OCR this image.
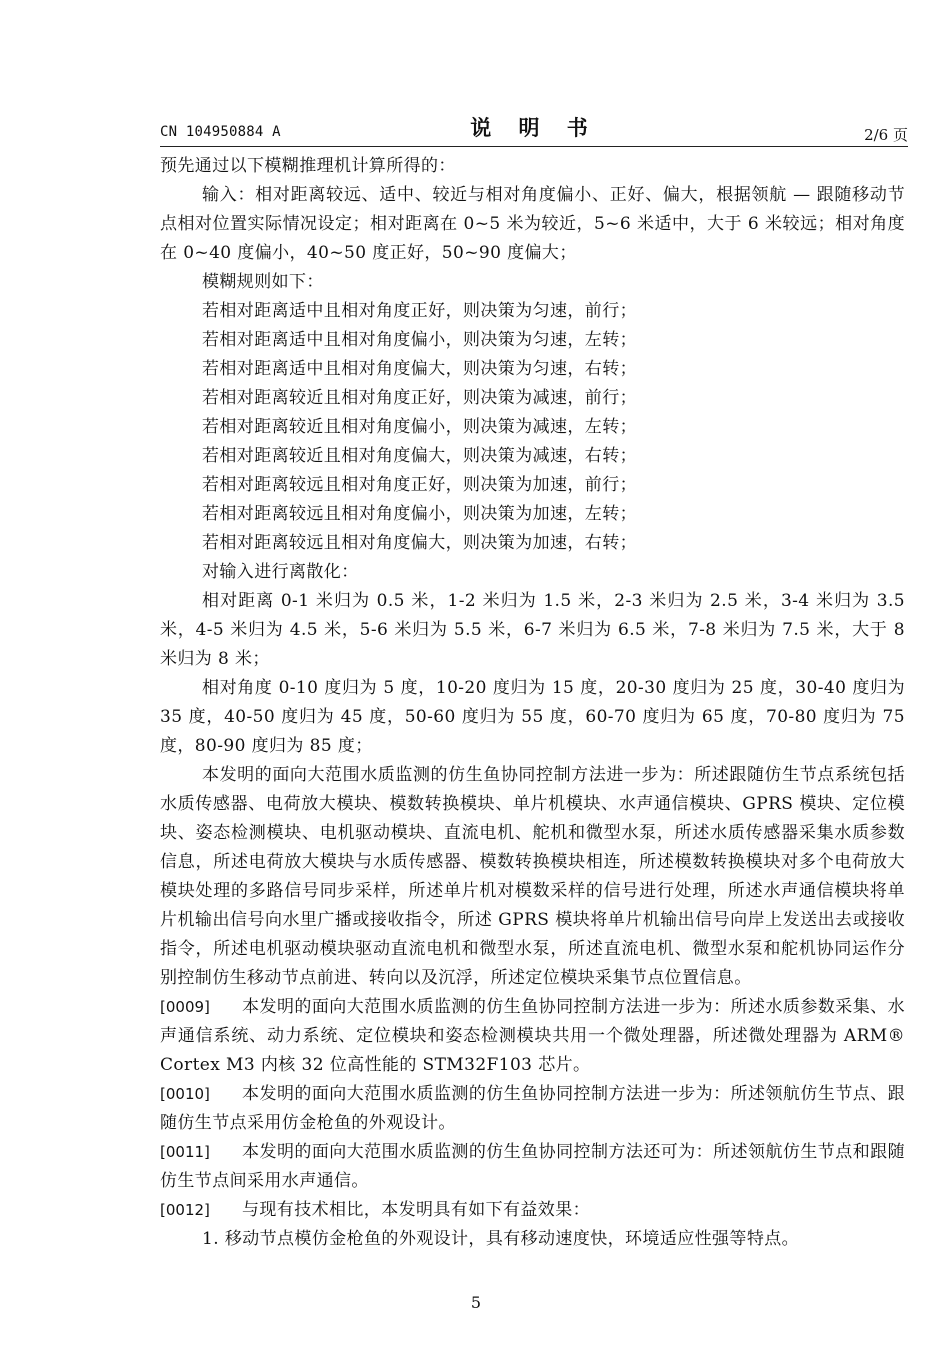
CN 104950884 A	说 明 书	2/6 页

预先通过以下模糊推理机计算所得的：

输入：相对距离较远、适中、较近与相对角度偏小、正好、偏大，根据领航 — 跟随移动节点相对位置实际情况设定；相对距离在 0~5 米为较近，5~6 米适中，大于 6 米较远；相对角度在 0~40 度偏小，40~50 度正好，50~90 度偏大；

模糊规则如下：

若相对距离适中且相对角度正好，则决策为匀速，前行；

若相对距离适中且相对角度偏小，则决策为匀速，左转；

若相对距离适中且相对角度偏大，则决策为匀速，右转；

若相对距离较近且相对角度正好，则决策为减速，前行；

若相对距离较近且相对角度偏小，则决策为减速，左转；

若相对距离较近且相对角度偏大，则决策为减速，右转；

若相对距离较远且相对角度正好，则决策为加速，前行；

若相对距离较远且相对角度偏小，则决策为加速，左转；

若相对距离较远且相对角度偏大，则决策为加速，右转；

对输入进行离散化：

相对距离 0-1 米归为 0.5 米，1-2 米归为 1.5 米，2-3 米归为 2.5 米，3-4 米归为 3.5 米，4-5 米归为 4.5 米，5-6 米归为 5.5 米，6-7 米归为 6.5 米，7-8 米归为 7.5 米，大于 8 米归为 8 米；

相对角度 0-10 度归为 5 度，10-20 度归为 15 度，20-30 度归为 25 度，30-40 度归为 35 度，40-50 度归为 45 度，50-60 度归为 55 度，60-70 度归为 65 度，70-80 度归为 75 度，80-90 度归为 85 度；

本发明的面向大范围水质监测的仿生鱼协同控制方法进一步为：所述跟随仿生节点系统包括水质传感器、电荷放大模块、模数转换模块、单片机模块、水声通信模块、GPRS 模块、定位模块、姿态检测模块、电机驱动模块、直流电机、舵机和微型水泵，所述水质传感器采集水质参数信息，所述电荷放大模块与水质传感器、模数转换模块相连，所述模数转换模块对多个电荷放大模块处理的多路信号同步采样，所述单片机对模数采样的信号进行处理，所述水声通信模块将单片机输出信号向水里广播或接收指令，所述 GPRS 模块将单片机输出信号向岸上发送出去或接收指令，所述电机驱动模块驱动直流电机和微型水泵，所述直流电机、微型水泵和舵机协同运作分别控制仿生移动节点前进、转向以及沉浮，所述定位模块采集节点位置信息。

[0009] 本发明的面向大范围水质监测的仿生鱼协同控制方法进一步为：所述水质参数采集、水声通信系统、动力系统、定位模块和姿态检测模块共用一个微处理器，所述微处理器为 ARM® Cortex M3 内核 32 位高性能的 STM32F103 芯片。

[0010] 本发明的面向大范围水质监测的仿生鱼协同控制方法进一步为：所述领航仿生节点、跟随仿生节点采用仿金枪鱼的外观设计。

[0011] 本发明的面向大范围水质监测的仿生鱼协同控制方法还可为：所述领航仿生节点和跟随仿生节点间采用水声通信。

[0012] 与现有技术相比，本发明具有如下有益效果：

1. 移动节点模仿金枪鱼的外观设计，具有移动速度快，环境适应性强等特点。

5
